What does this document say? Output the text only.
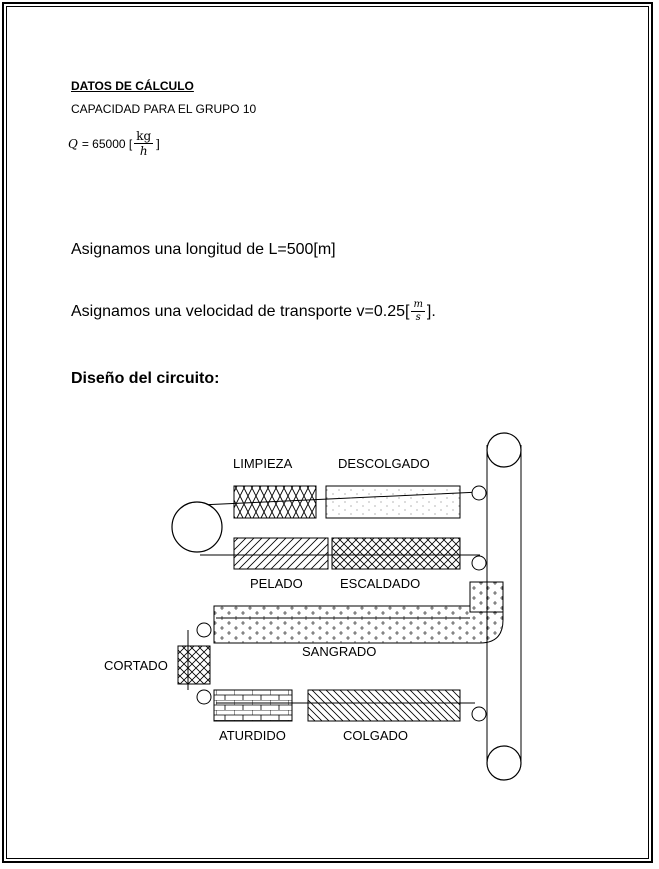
DATOS DE CÁLCULO
CAPACIDAD PARA EL GRUPO 10
Q = 65000 [ $\frac{kg}{h}$ ]
Asignamos una longitud de L=500[m]
Asignamos una velocidad de transporte $v=0.25[ \frac{m}{s}$ ].
Diseño del circuito:
LIMPIEZA	DESCOLGADO
PELADO	ESCALDADO
SANGRADO
CORTADO
ATURDIDO	COLGADO
